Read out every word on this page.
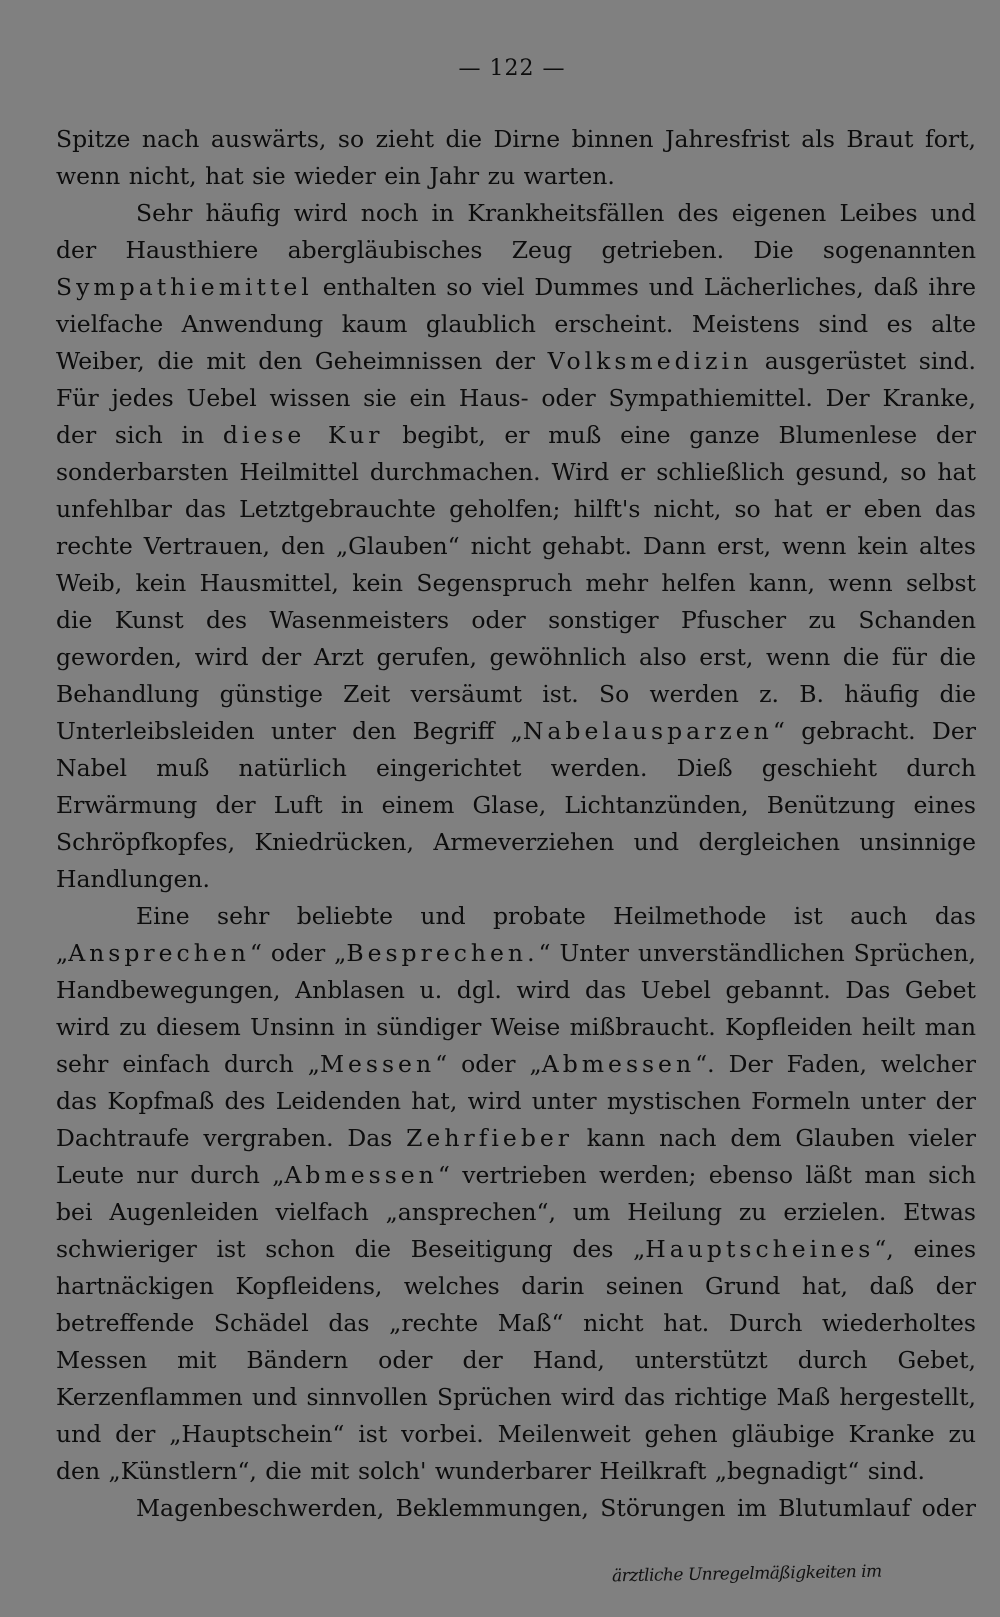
— 122 —

Spitze nach auswärts, so zieht die Dirne binnen Jahresfrist als Braut fort, wenn nicht, hat sie wieder ein Jahr zu warten.

Sehr häufig wird noch in Krankheitsfällen des eigenen Leibes und der Hausthiere abergläubisches Zeug getrieben. Die sogenannten Sympathiemittel enthalten so viel Dummes und Lächerliches, daß ihre vielfache Anwendung kaum glaublich erscheint. Meistens sind es alte Weiber, die mit den Geheimnissen der Volksmedizin ausgerüstet sind. Für jedes Uebel wissen sie ein Haus- oder Sympathiemittel. Der Kranke, der sich in diese Kur begibt, er muß eine ganze Blumenlese der sonderbarsten Heilmittel durchmachen. Wird er schließlich gesund, so hat unfehlbar das Letztgebrauchte geholfen; hilft's nicht, so hat er eben das rechte Vertrauen, den „Glauben“ nicht gehabt. Dann erst, wenn kein altes Weib, kein Hausmittel, kein Segenspruch mehr helfen kann, wenn selbst die Kunst des Wasenmeisters oder sonstiger Pfuscher zu Schanden geworden, wird der Arzt gerufen, gewöhnlich also erst, wenn die für die Behandlung günstige Zeit versäumt ist. So werden z. B. häufig die Unterleibsleiden unter den Begriff „Nabelausparzen“ gebracht. Der Nabel muß natürlich eingerichtet werden. Dieß geschieht durch Erwärmung der Luft in einem Glase, Lichtanzünden, Benützung eines Schröpfkopfes, Kniedrücken, Armeverziehen und dergleichen unsinnige Handlungen.

Eine sehr beliebte und probate Heilmethode ist auch das „Ansprechen“ oder „Besprechen.“ Unter unverständlichen Sprüchen, Handbewegungen, Anblasen u. dgl. wird das Uebel gebannt. Das Gebet wird zu diesem Unsinn in sündiger Weise mißbraucht. Kopfleiden heilt man sehr einfach durch „Messen“ oder „Abmessen“. Der Faden, welcher das Kopfmaß des Leidenden hat, wird unter mystischen Formeln unter der Dachtraufe vergraben. Das Zehrfieber kann nach dem Glauben vieler Leute nur durch „Abmessen“ vertrieben werden; ebenso läßt man sich bei Augenleiden vielfach „ansprechen“, um Heilung zu erzielen. Etwas schwieriger ist schon die Beseitigung des „Hauptscheines“, eines hartnäckigen Kopfleidens, welches darin seinen Grund hat, daß der betreffende Schädel das „rechte Maß“ nicht hat. Durch wiederholtes Messen mit Bändern oder der Hand, unterstützt durch Gebet, Kerzenflammen und sinnvollen Sprüchen wird das richtige Maß hergestellt, und der „Hauptschein“ ist vorbei. Meilenweit gehen gläubige Kranke zu den „Künstlern“, die mit solch' wunderbarer Heilkraft „begnadigt“ sind.

Magenbeschwerden, Beklemmungen, Störungen im Blutumlauf oder

ärztliche Unregelmäßigkeiten im
